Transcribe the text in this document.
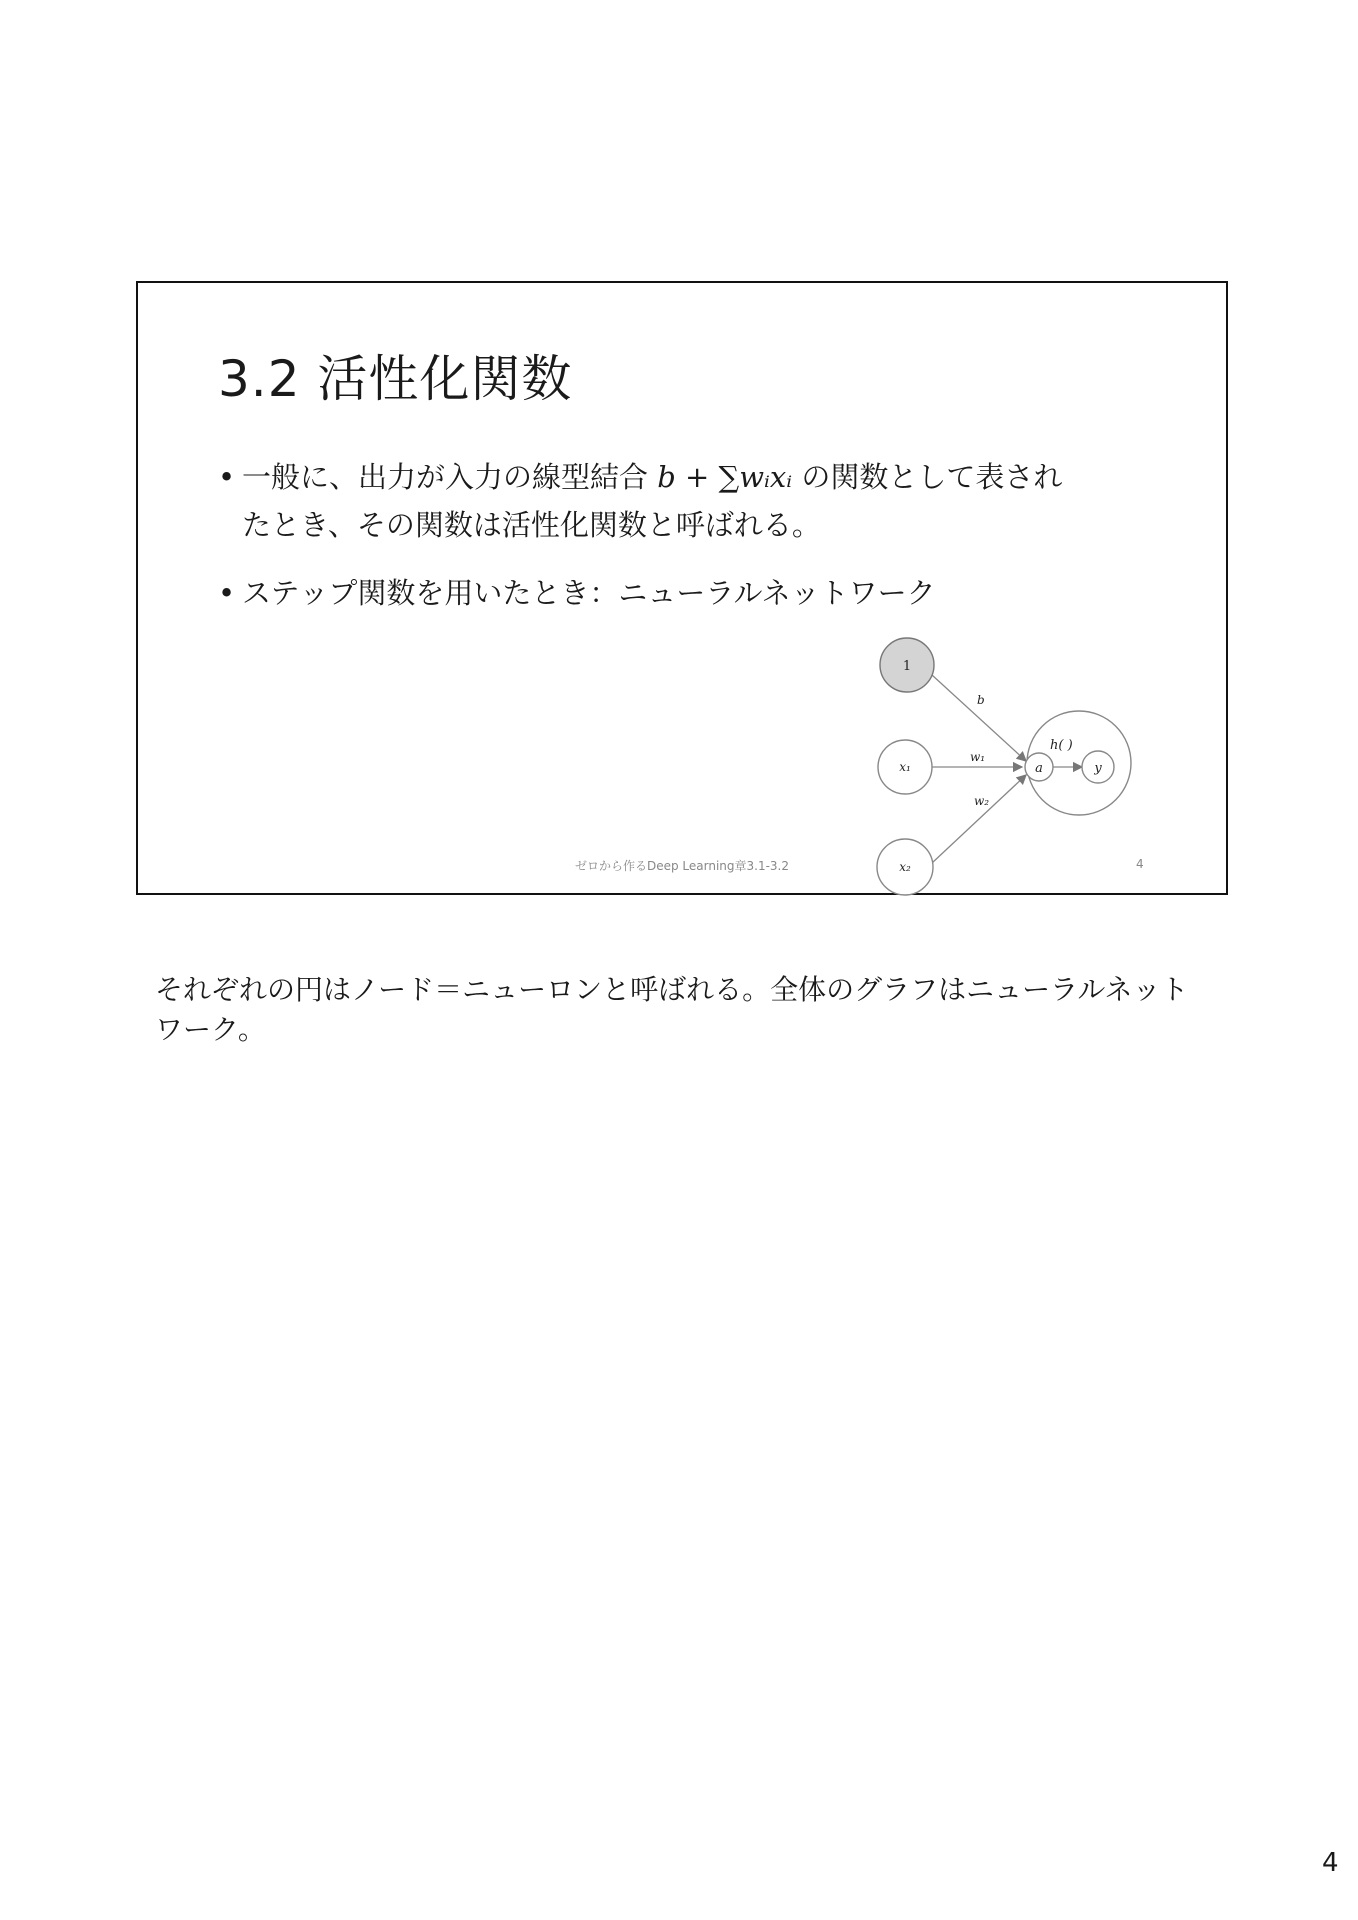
3.2 活性化関数
• 一般に、出力が入力の線型結合 b + ∑wᵢxᵢ の関数として表され
たとき、その関数は活性化関数と呼ばれる。
• ステップ関数を用いたとき：ニューラルネットワーク
1
x₁
x₂
a	y
h( )
b
w₁
w₂
ゼロから作るDeep Learning章3.1-3.2	4
それぞれの円はノード＝ニューロンと呼ばれる。全体のグラフはニューラルネットワーク。
4
